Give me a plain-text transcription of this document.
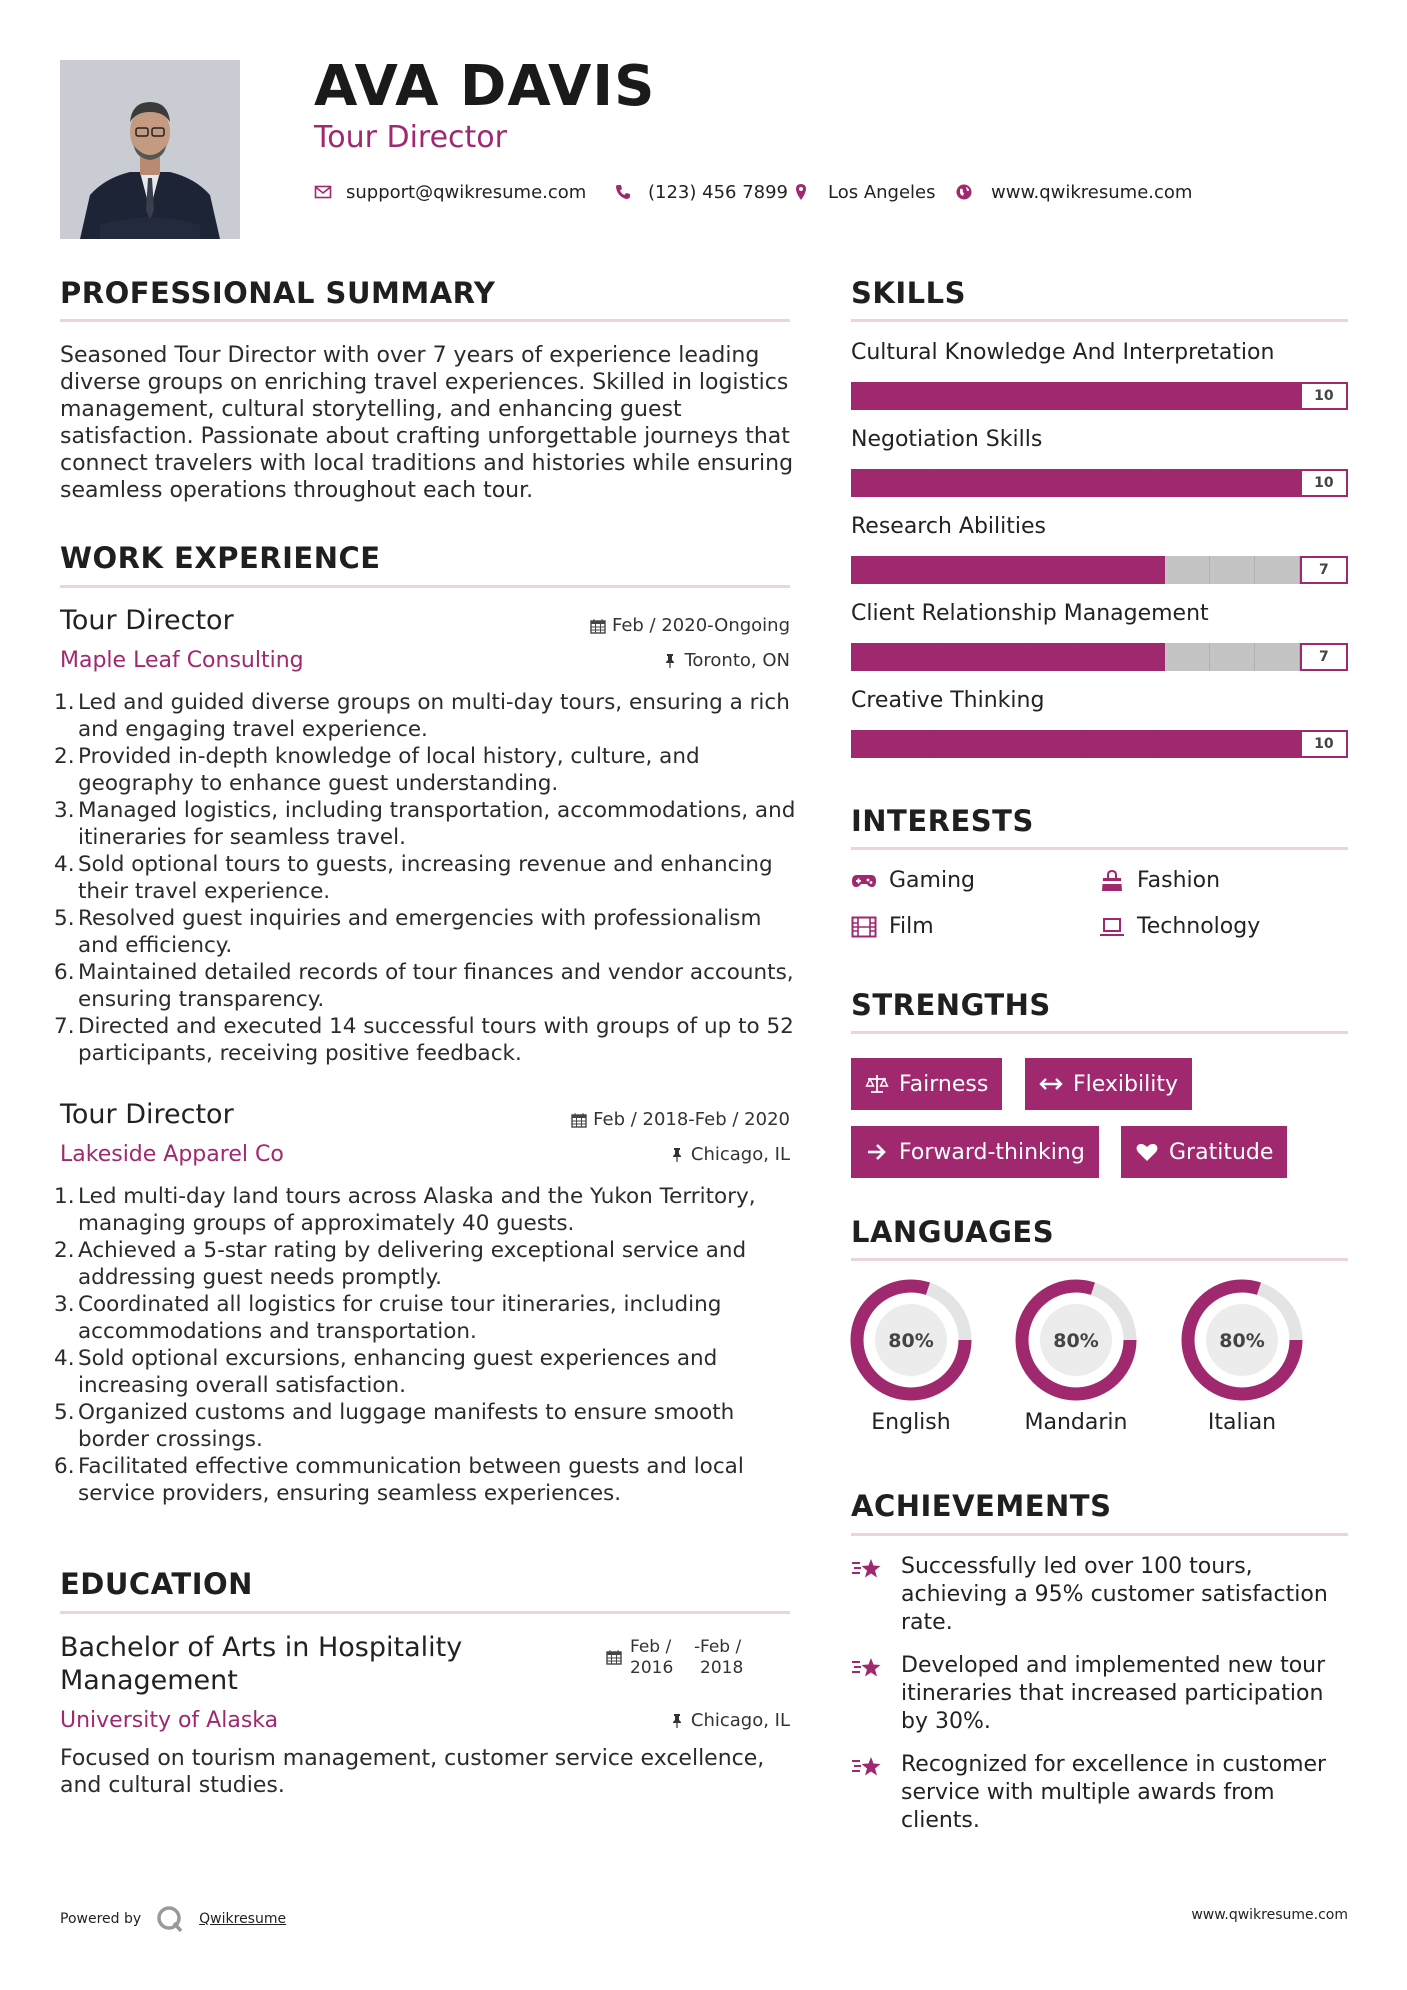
AVA DAVIS
Tour Director
support@qwikresume.com	(123) 456 7899 Los Angeles	www.qwikresume.com
PROFESSIONAL SUMMARY
Seasoned Tour Director with over 7 years of experience leading diverse groups on enriching travel experiences. Skilled in logistics management, cultural storytelling, and enhancing guest satisfaction. Passionate about crafting unforgettable journeys that connect travelers with local traditions and histories while ensuring seamless operations throughout each tour.
WORK EXPERIENCE
Tour Director	Feb / 2020-Ongoing
Maple Leaf Consulting	Toronto, ON
Led and guided diverse groups on multi-day tours, ensuring a rich and engaging travel experience.
Provided in-depth knowledge of local history, culture, and geography to enhance guest understanding.
Managed logistics, including transportation, accommodations, and itineraries for seamless travel.
Sold optional tours to guests, increasing revenue and enhancing their travel experience.
Resolved guest inquiries and emergencies with professionalism and efficiency.
Maintained detailed records of tour finances and vendor accounts, ensuring transparency.
Directed and executed 14 successful tours with groups of up to 52 participants, receiving positive feedback.
Tour Director	Feb / 2018-Feb / 2020
Lakeside Apparel Co	Chicago, IL
Led multi-day land tours across Alaska and the Yukon Territory, managing groups of approximately 40 guests.
Achieved a 5-star rating by delivering exceptional service and addressing guest needs promptly.
Coordinated all logistics for cruise tour itineraries, including accommodations and transportation.
Sold optional excursions, enhancing guest experiences and increasing overall satisfaction.
Organized customs and luggage manifests to ensure smooth border crossings.
Facilitated effective communication between guests and local service providers, ensuring seamless experiences.
EDUCATION
Bachelor of Arts in Hospitality Management
Feb /
2016
- Feb /
2018
University of Alaska	Chicago, IL
Focused on tourism management, customer service excellence, and cultural studies.
SKILLS
Cultural Knowledge And Interpretation
10
Negotiation Skills
10
Research Abilities
7
Client Relationship Management
7
Creative Thinking
10
INTERESTS
Gaming	Fashion
Film	Technology
STRENGTHS
Fairness	Flexibility
Forward-thinking	Gratitude
LANGUAGES
80%
English
80%
Mandarin
80%
Italian
ACHIEVEMENTS
Successfully led over 100 tours, achieving a 95% customer satisfaction rate.
Developed and implemented new tour itineraries that increased participation by 30%.
Recognized for excellence in customer service with multiple awards from clients.
Powered by	Qwikresume	www.qwikresume.com
